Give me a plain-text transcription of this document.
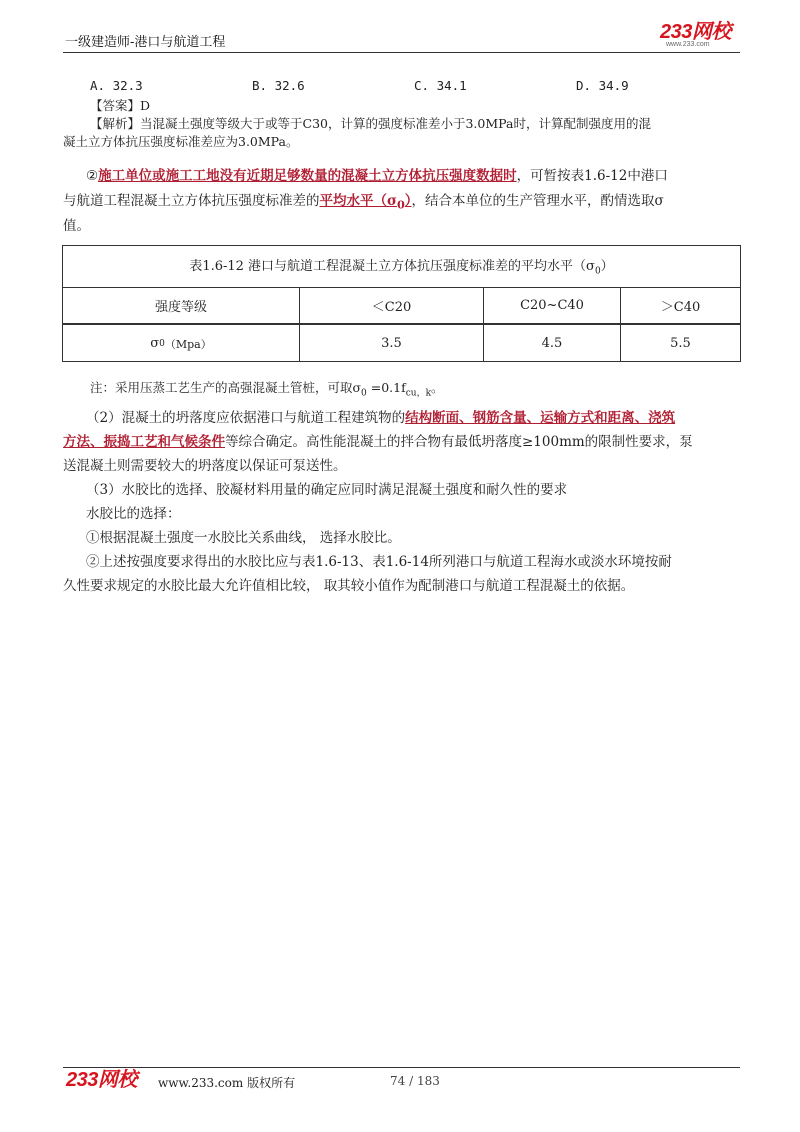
一级建造师-港口与航道工程	233网校
www.233.com
A. 32.3	B. 32.6	C. 34.1	D. 34.9
【答案】D
【解析】当混凝土强度等级大于或等于C30，计算的强度标准差小于3.0MPa时，计算配制强度用的混
凝土立方体抗压强度标准差应为3.0MPa。
②施工单位或施工工地没有近期足够数量的混凝土立方体抗压强度数据时，可暂按表1.6-12中港口
与航道工程混凝土立方体抗压强度标准差的平均水平$(\sigma_0)$，结合本单位的生产管理水平，酌情选取σ
值。
表1.6-12 港口与航道工程混凝土立方体抗压强度标准差的平均水平$(\sigma_0)$
强度等级	＜C20	C20~C40	＞C40
σ 0 （Mpa）	3.5	4.5	5.5
注：采用压蒸工艺生产的高强混凝土管桩，可取$\sigma_0 =0.1f_{cu,k}$。
（2）混凝土的坍落度应依据港口与航道工程建筑物的结构断面、钢筋含量、运输方式和距离、浇筑
方法、振捣工艺和气候条件等综合确定。高性能混凝土的拌合物有最低坍落度≥100mm的限制性要求，泵
送混凝土则需要较大的坍落度以保证可泵送性。
（3）水胶比的选择、胶凝材料用量的确定应同时满足混凝土强度和耐久性的要求
水胶比的选择：
①根据混凝土强度一水胶比关系曲线， 选择水胶比。
②上述按强度要求得出的水胶比应与表1.6-13、表1.6-14所列港口与航道工程海水或淡水环境按耐
久性要求规定的水胶比最大允许值相比较， 取其较小值作为配制港口与航道工程混凝土的依据。
233网校 www.233.com 版权所有	74 / 183
